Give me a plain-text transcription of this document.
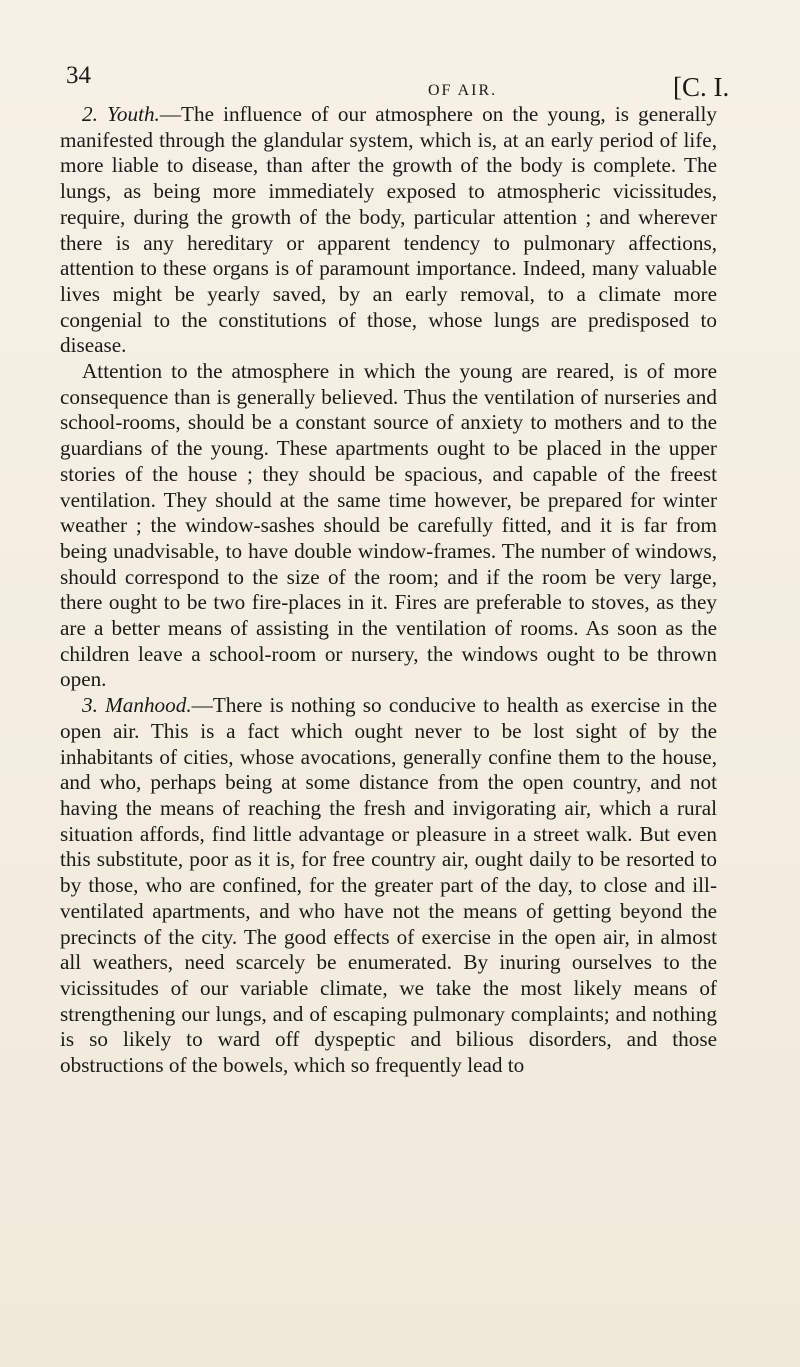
34
OF AIR.	[C. I.

2. Youth.—The influence of our atmosphere on the young, is generally manifested through the glandular system, which is, at an early period of life, more liable to disease, than after the growth of the body is complete. The lungs, as being more immediately exposed to atmospheric vicissitudes, require, during the growth of the body, particular attention ; and wherever there is any hereditary or apparent tendency to pulmonary affections, attention to these organs is of paramount importance. Indeed, many valuable lives might be yearly saved, by an early removal, to a climate more congenial to the constitutions of those, whose lungs are predisposed to disease.

Attention to the atmosphere in which the young are reared, is of more consequence than is generally believed. Thus the ventilation of nurseries and school-rooms, should be a constant source of anxiety to mothers and to the guardians of the young. These apartments ought to be placed in the upper stories of the house ; they should be spacious, and capable of the freest ventilation. They should at the same time however, be prepared for winter weather ; the window-sashes should be carefully fitted, and it is far from being unadvisable, to have double window-frames. The number of windows, should correspond to the size of the room; and if the room be very large, there ought to be two fire-places in it. Fires are preferable to stoves, as they are a better means of assisting in the ventilation of rooms. As soon as the children leave a school-room or nursery, the windows ought to be thrown open.

3. Manhood.—There is nothing so conducive to health as exercise in the open air. This is a fact which ought never to be lost sight of by the inhabitants of cities, whose avocations, generally confine them to the house, and who, perhaps being at some distance from the open country, and not having the means of reaching the fresh and invigorating air, which a rural situation affords, find little advantage or pleasure in a street walk. But even this substitute, poor as it is, for free country air, ought daily to be resorted to by those, who are confined, for the greater part of the day, to close and ill-ventilated apartments, and who have not the means of getting beyond the precincts of the city. The good effects of exercise in the open air, in almost all weathers, need scarcely be enumerated. By inuring ourselves to the vicissitudes of our variable climate, we take the most likely means of strengthening our lungs, and of escaping pulmonary complaints; and nothing is so likely to ward off dyspeptic and bilious disorders, and those obstructions of the bowels, which so frequently lead to
